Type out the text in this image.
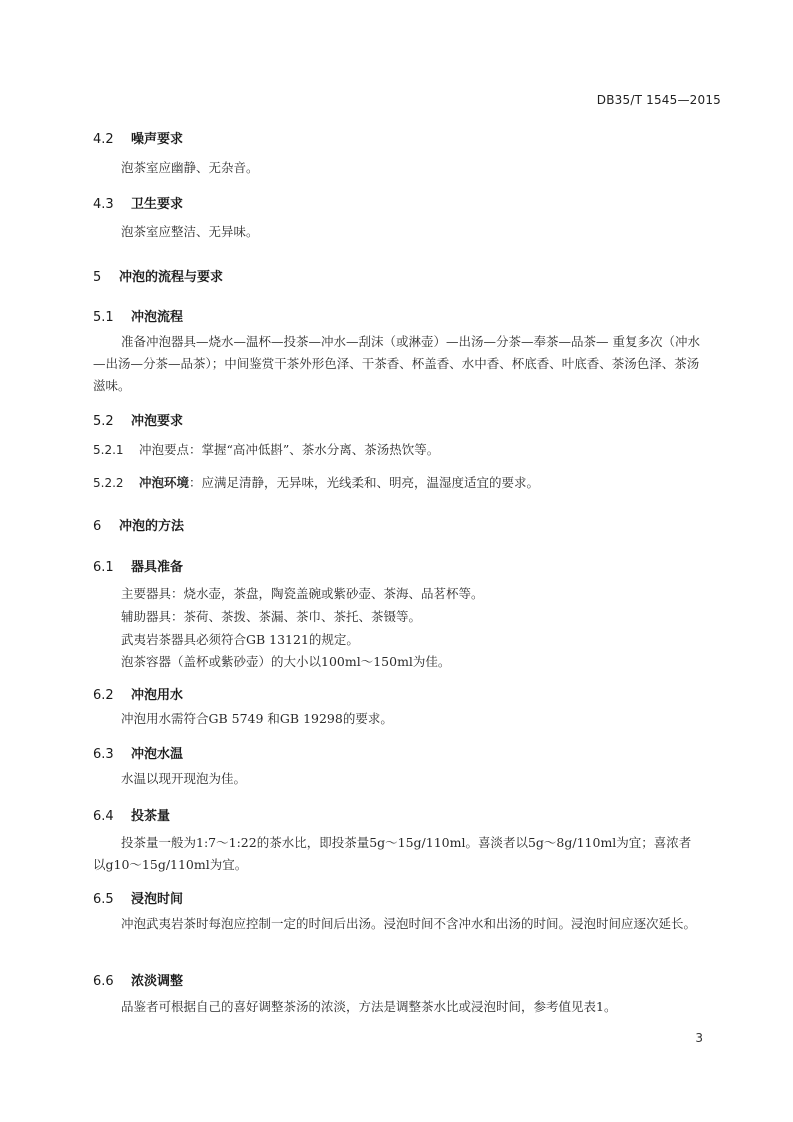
DB35/T 1545—2015
4.2 噪声要求
泡茶室应幽静、无杂音。
4.3 卫生要求
泡茶室应整洁、无异味。
5 冲泡的流程与要求
5.1 冲泡流程
准备冲泡器具—烧水—温杯—投茶—冲水—刮沫（或淋壶）—出汤—分茶—奉茶—品茶— 重复多次（冲水—出汤—分茶—品茶）；中间鉴赏干茶外形色泽、干茶香、杯盖香、水中香、杯底香、叶底香、茶汤色泽、茶汤滋味。
5.2 冲泡要求
5.2.1 冲泡要点：掌握“高冲低斟”、茶水分离、茶汤热饮等。
5.2.2 冲泡环境：应满足清静，无异味，光线柔和、明亮，温湿度适宜的要求。
6 冲泡的方法
6.1 器具准备
主要器具：烧水壶，茶盘，陶瓷盖碗或紫砂壶、茶海、品茗杯等。
辅助器具：茶荷、茶拨、茶漏、茶巾、茶托、茶镊等。
武夷岩茶器具必须符合GB 13121的规定。
泡茶容器（盖杯或紫砂壶）的大小以100ml～150ml为佳。
6.2 冲泡用水
冲泡用水需符合GB 5749 和GB 19298的要求。
6.3 冲泡水温
水温以现开现泡为佳。
6.4 投茶量
投茶量一般为1:7～1:22的茶水比，即投茶量5g～15g/110ml。喜淡者以5g～8g/110ml为宜；喜浓者以g10～15g/110ml为宜。
6.5 浸泡时间
冲泡武夷岩茶时每泡应控制一定的时间后出汤。浸泡时间不含冲水和出汤的时间。浸泡时间应逐次延长。
6.6 浓淡调整
品鉴者可根据自己的喜好调整茶汤的浓淡，方法是调整茶水比或浸泡时间，参考值见表1。
3
